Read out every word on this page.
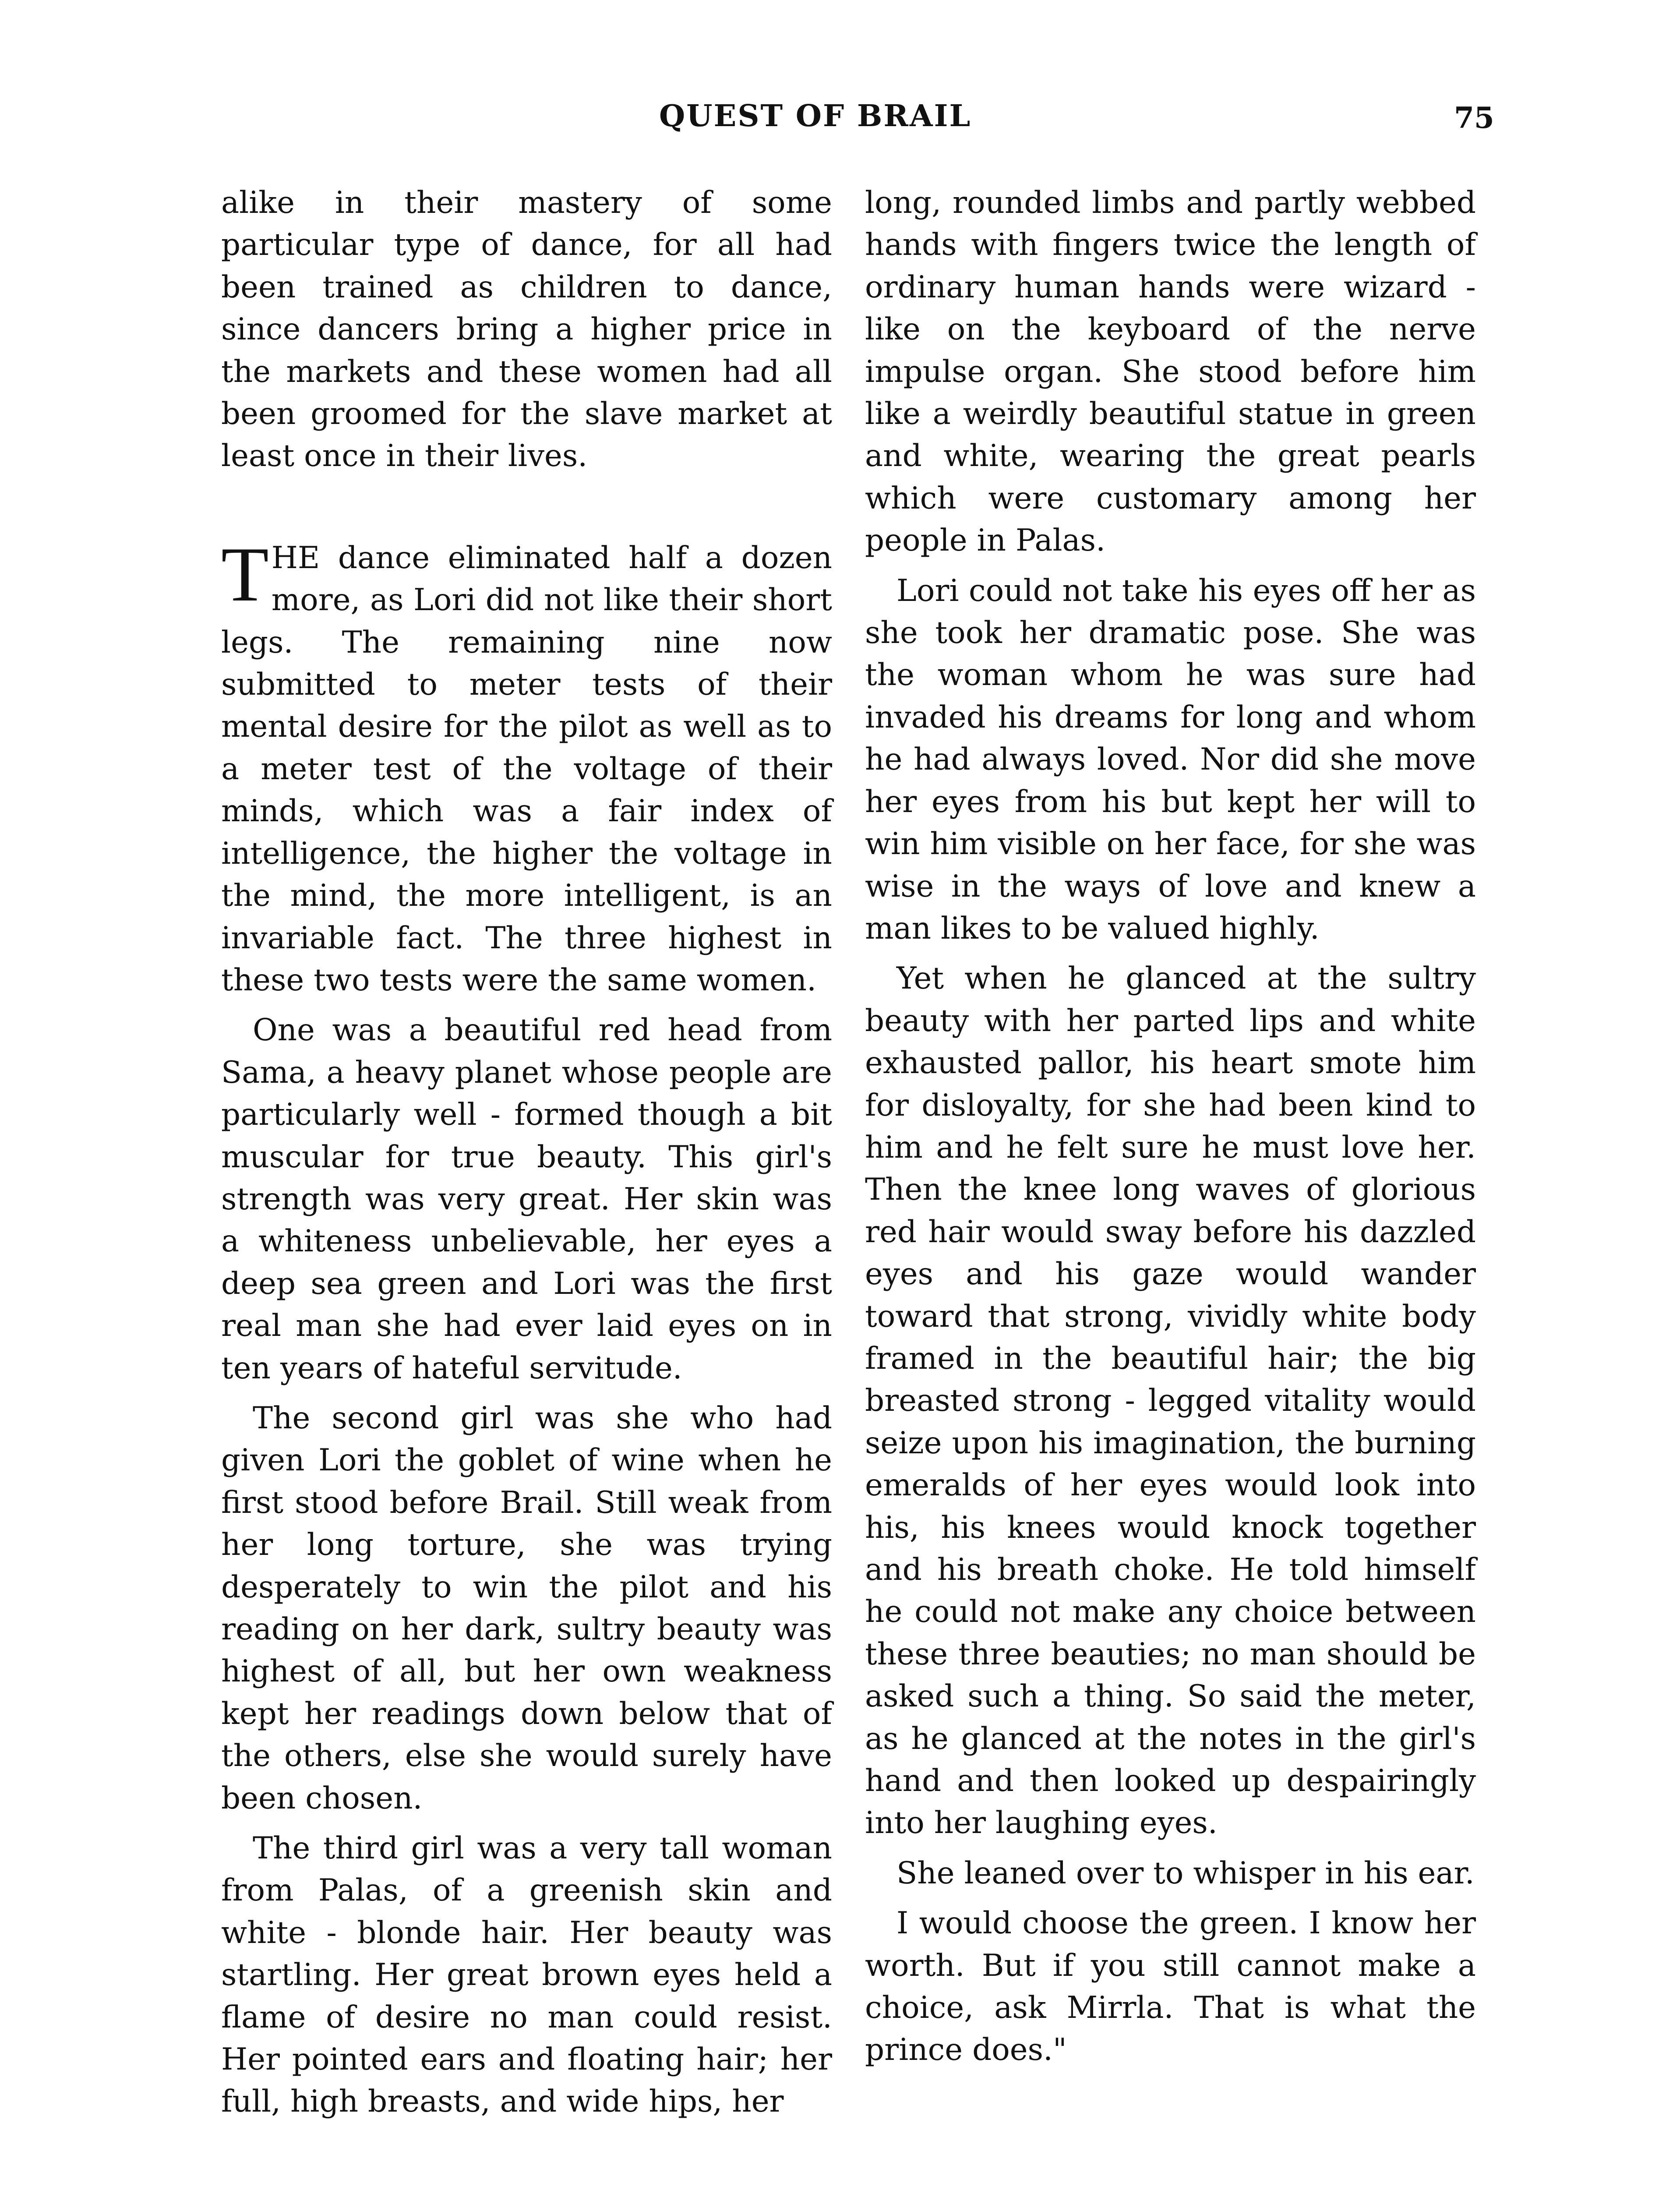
QUEST OF BRAIL	75

alike in their mastery of some particular type of dance, for all had been trained as children to dance, since dancers bring a higher price in the markets and these women had all been groomed for the slave market at least once in their lives.

THE dance eliminated half a dozen more, as Lori did not like their short legs. The remaining nine now submitted to meter tests of their mental desire for the pilot as well as to a meter test of the voltage of their minds, which was a fair index of intelligence, the higher the voltage in the mind, the more intelligent, is an invariable fact. The three highest in these two tests were the same women.

One was a beautiful red head from Sama, a heavy planet whose people are particularly well - formed though a bit muscular for true beauty. This girl's strength was very great. Her skin was a whiteness unbelievable, her eyes a deep sea green and Lori was the first real man she had ever laid eyes on in ten years of hateful servitude.

The second girl was she who had given Lori the goblet of wine when he first stood before Brail. Still weak from her long torture, she was trying desperately to win the pilot and his reading on her dark, sultry beauty was highest of all, but her own weakness kept her readings down below that of the others, else she would surely have been chosen.

The third girl was a very tall woman from Palas, of a greenish skin and white - blonde hair. Her beauty was startling. Her great brown eyes held a flame of desire no man could resist. Her pointed ears and floating hair; her full, high breasts, and wide hips, her

long, rounded limbs and partly webbed hands with fingers twice the length of ordinary human hands were wizard - like on the keyboard of the nerve impulse organ. She stood before him like a weirdly beautiful statue in green and white, wearing the great pearls which were customary among her people in Palas.

Lori could not take his eyes off her as she took her dramatic pose. She was the woman whom he was sure had invaded his dreams for long and whom he had always loved. Nor did she move her eyes from his but kept her will to win him visible on her face, for she was wise in the ways of love and knew a man likes to be valued highly.

Yet when he glanced at the sultry beauty with her parted lips and white exhausted pallor, his heart smote him for disloyalty, for she had been kind to him and he felt sure he must love her. Then the knee long waves of glorious red hair would sway before his dazzled eyes and his gaze would wander toward that strong, vividly white body framed in the beautiful hair; the big breasted strong - legged vitality would seize upon his imagination, the burning emeralds of her eyes would look into his, his knees would knock together and his breath choke. He told himself he could not make any choice between these three beauties; no man should be asked such a thing. So said the meter, as he glanced at the notes in the girl's hand and then looked up despairingly into her laughing eyes.

She leaned over to whisper in his ear.

I would choose the green. I know her worth. But if you still cannot make a choice, ask Mirrla. That is what the prince does."
